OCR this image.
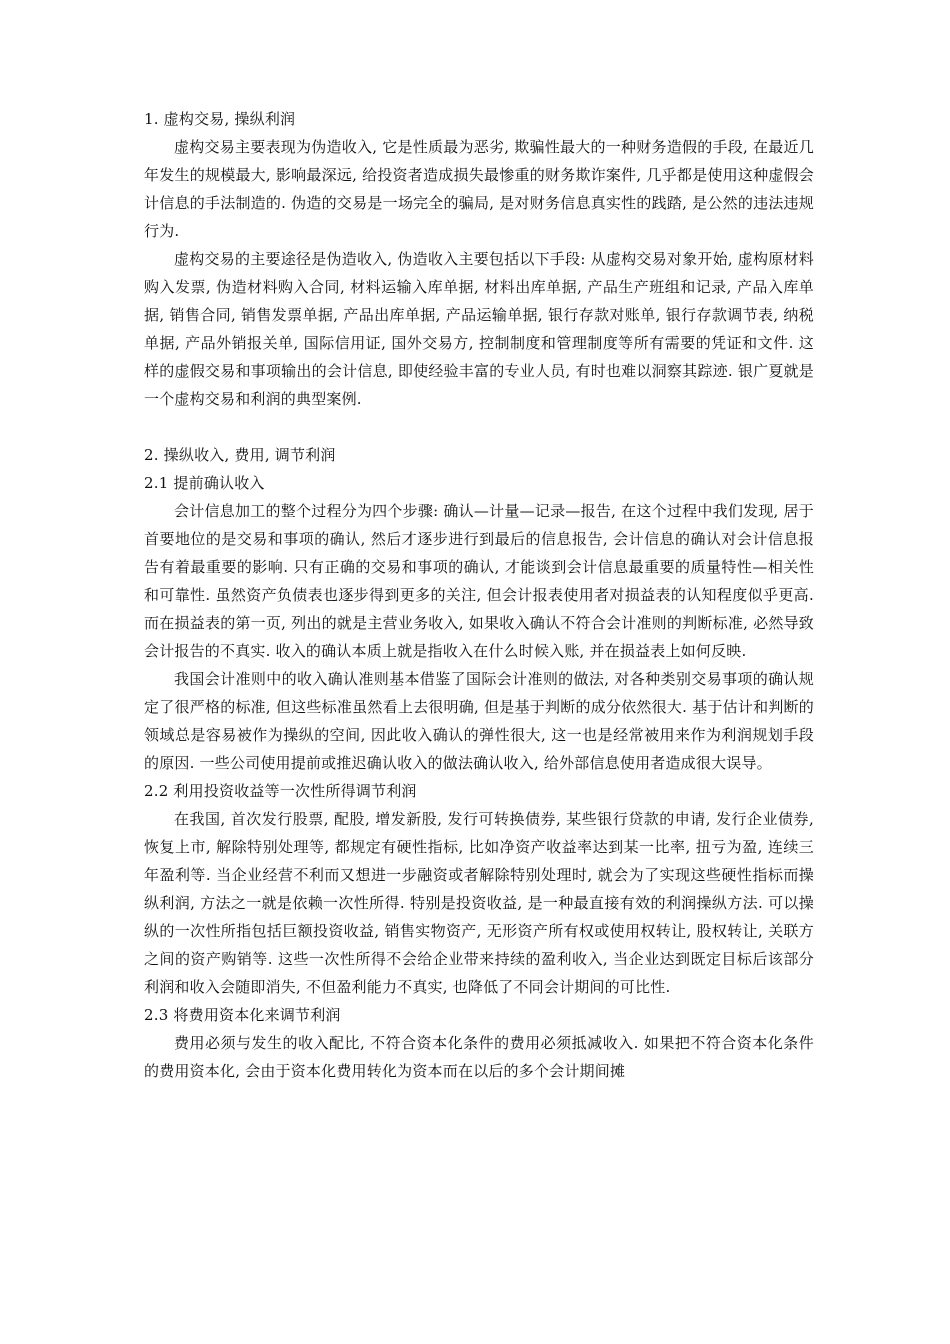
1. 虚构交易, 操纵利润

虚构交易主要表现为伪造收入, 它是性质最为恶劣, 欺骗性最大的一种财务造假的手段, 在最近几年发生的规模最大, 影响最深远, 给投资者造成损失最惨重的财务欺诈案件, 几乎都是使用这种虚假会计信息的手法制造的. 伪造的交易是一场完全的骗局, 是对财务信息真实性的践踏, 是公然的违法违规行为.

虚构交易的主要途径是伪造收入, 伪造收入主要包括以下手段: 从虚构交易对象开始, 虚构原材料购入发票, 伪造材料购入合同, 材料运输入库单据, 材料出库单据, 产品生产班组和记录, 产品入库单据, 销售合同, 销售发票单据, 产品出库单据, 产品运输单据, 银行存款对账单, 银行存款调节表, 纳税单据, 产品外销报关单, 国际信用证, 国外交易方, 控制制度和管理制度等所有需要的凭证和文件. 这样的虚假交易和事项输出的会计信息, 即使经验丰富的专业人员, 有时也难以洞察其踪迹. 银广夏就是一个虚构交易和利润的典型案例.

2. 操纵收入, 费用, 调节利润
2.1 提前确认收入

会计信息加工的整个过程分为四个步骤: 确认—计量—记录—报告, 在这个过程中我们发现, 居于首要地位的是交易和事项的确认, 然后才逐步进行到最后的信息报告, 会计信息的确认对会计信息报告有着最重要的影响. 只有正确的交易和事项的确认, 才能谈到会计信息最重要的质量特性—相关性和可靠性. 虽然资产负债表也逐步得到更多的关注, 但会计报表使用者对损益表的认知程度似乎更高. 而在损益表的第一页, 列出的就是主营业务收入, 如果收入确认不符合会计准则的判断标准, 必然导致会计报告的不真实. 收入的确认本质上就是指收入在什么时候入账, 并在损益表上如何反映.

我国会计准则中的收入确认准则基本借鉴了国际会计准则的做法, 对各种类别交易事项的确认规定了很严格的标准, 但这些标准虽然看上去很明确, 但是基于判断的成分依然很大. 基于估计和判断的领域总是容易被作为操纵的空间, 因此收入确认的弹性很大, 这一也是经常被用来作为利润规划手段的原因. 一些公司使用提前或推迟确认收入的做法确认收入, 给外部信息使用者造成很大误导。

2.2 利用投资收益等一次性所得调节利润

在我国, 首次发行股票, 配股, 增发新股, 发行可转换债券, 某些银行贷款的申请, 发行企业债券, 恢复上市, 解除特别处理等, 都规定有硬性指标, 比如净资产收益率达到某一比率, 扭亏为盈, 连续三年盈利等. 当企业经营不利而又想进一步融资或者解除特别处理时, 就会为了实现这些硬性指标而操纵利润, 方法之一就是依赖一次性所得. 特别是投资收益, 是一种最直接有效的利润操纵方法. 可以操纵的一次性所指包括巨额投资收益, 销售实物资产, 无形资产所有权或使用权转让, 股权转让, 关联方之间的资产购销等. 这些一次性所得不会给企业带来持续的盈利收入, 当企业达到既定目标后该部分利润和收入会随即消失, 不但盈利能力不真实, 也降低了不同会计期间的可比性.

2.3 将费用资本化来调节利润

费用必须与发生的收入配比, 不符合资本化条件的费用必须抵减收入. 如果把不符合资本化条件的费用资本化, 会由于资本化费用转化为资本而在以后的多个会计期间摊
